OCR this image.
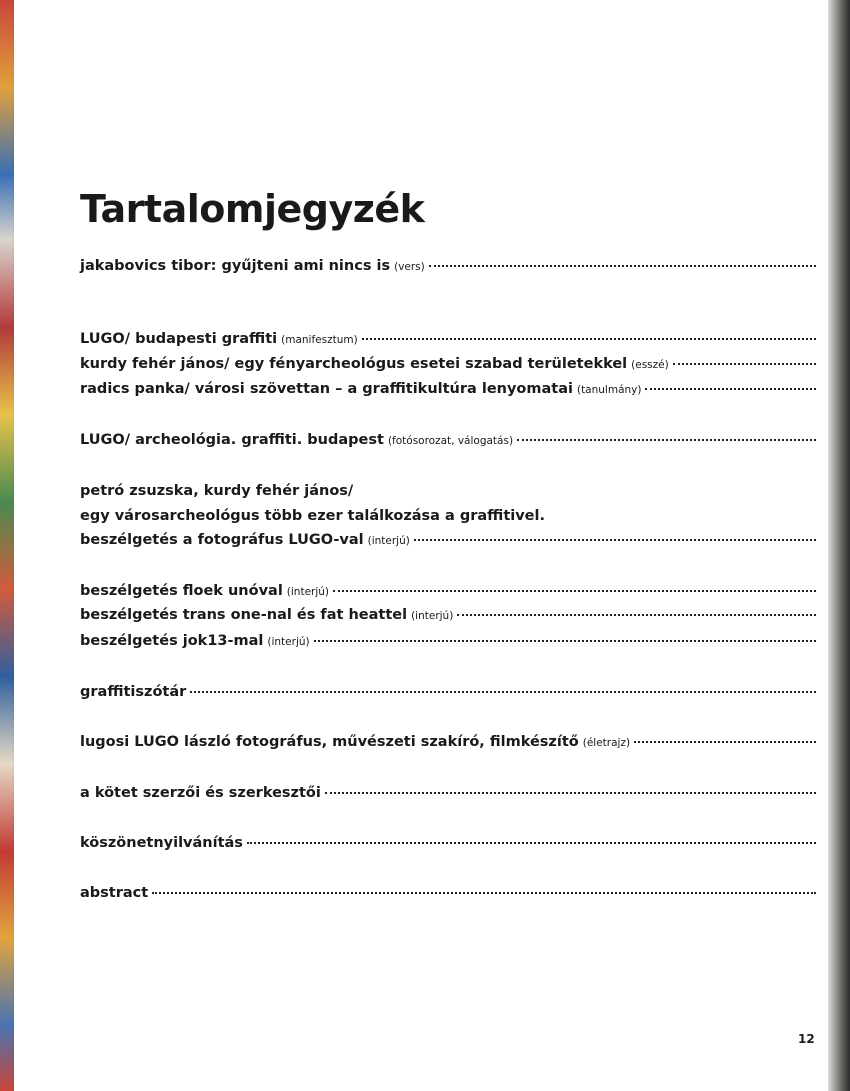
Tartalomjegyzék
jakabovics tibor: gyűjteni ami nincs is (vers)
LUGO/ budapesti graffiti (manifesztum)
kurdy fehér jános/ egy fényarcheológus esetei szabad területekkel (esszé)
radics panka/ városi szövettan – a graffitikultúra lenyomatai (tanulmány)
LUGO/ archeológia. graffiti. budapest (fotósorozat, válogatás)
petró zsuzska, kurdy fehér jános/
egy városarcheológus több ezer találkozása a graffitivel.
beszélgetés a fotográfus LUGO-val (interjú)
beszélgetés floek unóval (interjú)
beszélgetés trans one-nal és fat heattel (interjú)
beszélgetés jok13-mal (interjú)
graffitiszótár
lugosi LUGO lászló fotográfus, művészeti szakíró, filmkészítő (életrajz)
a kötet szerzői és szerkesztői
köszönetnyilvánítás
abstract
12
